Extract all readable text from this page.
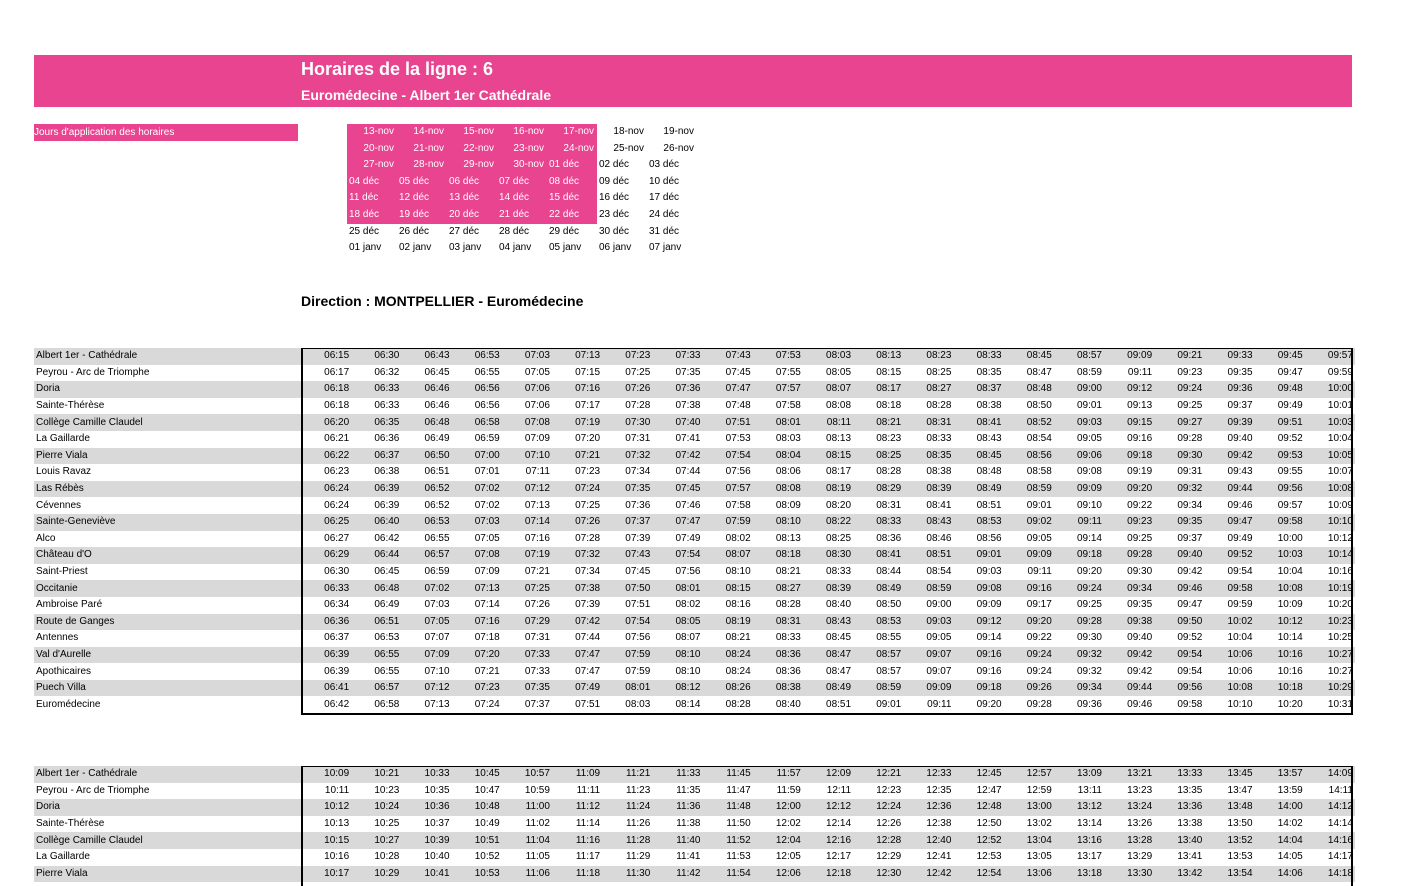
Horaires de la ligne : 6
Euromédecine - Albert 1er Cathédrale
Jours d'application des horaires	13-nov	14-nov	15-nov	16-nov	17-nov	18-nov	19-nov
20-nov	21-nov	22-nov	23-nov	24-nov	25-nov	26-nov
27-nov	28-nov	29-nov	30-nov	01 déc	02 déc	03 déc
04 déc	05 déc	06 déc	07 déc	08 déc	09 déc	10 déc
11 déc	12 déc	13 déc	14 déc	15 déc	16 déc	17 déc
18 déc	19 déc	20 déc	21 déc	22 déc	23 déc	24 déc
25 déc	26 déc	27 déc	28 déc	29 déc	30 déc	31 déc
01 janv	02 janv	03 janv	04 janv	05 janv	06 janv	07 janv
Direction : MONTPELLIER - Euromédecine
Albert 1er - Cathédrale	06:15	06:30	06:43	06:53	07:03	07:13	07:23	07:33	07:43	07:53	08:03	08:13	08:23	08:33	08:45	08:57	09:09	09:21	09:33	09:45	09:57
Peyrou - Arc de Triomphe	06:17	06:32	06:45	06:55	07:05	07:15	07:25	07:35	07:45	07:55	08:05	08:15	08:25	08:35	08:47	08:59	09:11	09:23	09:35	09:47	09:59
Doria	06:18	06:33	06:46	06:56	07:06	07:16	07:26	07:36	07:47	07:57	08:07	08:17	08:27	08:37	08:48	09:00	09:12	09:24	09:36	09:48	10:00
Sainte-Thérèse	06:18	06:33	06:46	06:56	07:06	07:17	07:28	07:38	07:48	07:58	08:08	08:18	08:28	08:38	08:50	09:01	09:13	09:25	09:37	09:49	10:01
Collège Camille Claudel	06:20	06:35	06:48	06:58	07:08	07:19	07:30	07:40	07:51	08:01	08:11	08:21	08:31	08:41	08:52	09:03	09:15	09:27	09:39	09:51	10:03
La Gaillarde	06:21	06:36	06:49	06:59	07:09	07:20	07:31	07:41	07:53	08:03	08:13	08:23	08:33	08:43	08:54	09:05	09:16	09:28	09:40	09:52	10:04
Pierre Viala	06:22	06:37	06:50	07:00	07:10	07:21	07:32	07:42	07:54	08:04	08:15	08:25	08:35	08:45	08:56	09:06	09:18	09:30	09:42	09:53	10:05
Louis Ravaz	06:23	06:38	06:51	07:01	07:11	07:23	07:34	07:44	07:56	08:06	08:17	08:28	08:38	08:48	08:58	09:08	09:19	09:31	09:43	09:55	10:07
Las Rébès	06:24	06:39	06:52	07:02	07:12	07:24	07:35	07:45	07:57	08:08	08:19	08:29	08:39	08:49	08:59	09:09	09:20	09:32	09:44	09:56	10:08
Cévennes	06:24	06:39	06:52	07:02	07:13	07:25	07:36	07:46	07:58	08:09	08:20	08:31	08:41	08:51	09:01	09:10	09:22	09:34	09:46	09:57	10:09
Sainte-Geneviève	06:25	06:40	06:53	07:03	07:14	07:26	07:37	07:47	07:59	08:10	08:22	08:33	08:43	08:53	09:02	09:11	09:23	09:35	09:47	09:58	10:10
Alco	06:27	06:42	06:55	07:05	07:16	07:28	07:39	07:49	08:02	08:13	08:25	08:36	08:46	08:56	09:05	09:14	09:25	09:37	09:49	10:00	10:12
Château d'O	06:29	06:44	06:57	07:08	07:19	07:32	07:43	07:54	08:07	08:18	08:30	08:41	08:51	09:01	09:09	09:18	09:28	09:40	09:52	10:03	10:14
Saint-Priest	06:30	06:45	06:59	07:09	07:21	07:34	07:45	07:56	08:10	08:21	08:33	08:44	08:54	09:03	09:11	09:20	09:30	09:42	09:54	10:04	10:16
Occitanie	06:33	06:48	07:02	07:13	07:25	07:38	07:50	08:01	08:15	08:27	08:39	08:49	08:59	09:08	09:16	09:24	09:34	09:46	09:58	10:08	10:19
Ambroise Paré	06:34	06:49	07:03	07:14	07:26	07:39	07:51	08:02	08:16	08:28	08:40	08:50	09:00	09:09	09:17	09:25	09:35	09:47	09:59	10:09	10:20
Route de Ganges	06:36	06:51	07:05	07:16	07:29	07:42	07:54	08:05	08:19	08:31	08:43	08:53	09:03	09:12	09:20	09:28	09:38	09:50	10:02	10:12	10:23
Antennes	06:37	06:53	07:07	07:18	07:31	07:44	07:56	08:07	08:21	08:33	08:45	08:55	09:05	09:14	09:22	09:30	09:40	09:52	10:04	10:14	10:25
Val d'Aurelle	06:39	06:55	07:09	07:20	07:33	07:47	07:59	08:10	08:24	08:36	08:47	08:57	09:07	09:16	09:24	09:32	09:42	09:54	10:06	10:16	10:27
Apothicaires	06:39	06:55	07:10	07:21	07:33	07:47	07:59	08:10	08:24	08:36	08:47	08:57	09:07	09:16	09:24	09:32	09:42	09:54	10:06	10:16	10:27
Puech Villa	06:41	06:57	07:12	07:23	07:35	07:49	08:01	08:12	08:26	08:38	08:49	08:59	09:09	09:18	09:26	09:34	09:44	09:56	10:08	10:18	10:29
Euromédecine	06:42	06:58	07:13	07:24	07:37	07:51	08:03	08:14	08:28	08:40	08:51	09:01	09:11	09:20	09:28	09:36	09:46	09:58	10:10	10:20	10:31
Albert 1er - Cathédrale	10:09	10:21	10:33	10:45	10:57	11:09	11:21	11:33	11:45	11:57	12:09	12:21	12:33	12:45	12:57	13:09	13:21	13:33	13:45	13:57	14:09
Peyrou - Arc de Triomphe	10:11	10:23	10:35	10:47	10:59	11:11	11:23	11:35	11:47	11:59	12:11	12:23	12:35	12:47	12:59	13:11	13:23	13:35	13:47	13:59	14:11
Doria	10:12	10:24	10:36	10:48	11:00	11:12	11:24	11:36	11:48	12:00	12:12	12:24	12:36	12:48	13:00	13:12	13:24	13:36	13:48	14:00	14:12
Sainte-Thérèse	10:13	10:25	10:37	10:49	11:02	11:14	11:26	11:38	11:50	12:02	12:14	12:26	12:38	12:50	13:02	13:14	13:26	13:38	13:50	14:02	14:14
Collège Camille Claudel	10:15	10:27	10:39	10:51	11:04	11:16	11:28	11:40	11:52	12:04	12:16	12:28	12:40	12:52	13:04	13:16	13:28	13:40	13:52	14:04	14:16
La Gaillarde	10:16	10:28	10:40	10:52	11:05	11:17	11:29	11:41	11:53	12:05	12:17	12:29	12:41	12:53	13:05	13:17	13:29	13:41	13:53	14:05	14:17
Pierre Viala	10:17	10:29	10:41	10:53	11:06	11:18	11:30	11:42	11:54	12:06	12:18	12:30	12:42	12:54	13:06	13:18	13:30	13:42	13:54	14:06	14:18
